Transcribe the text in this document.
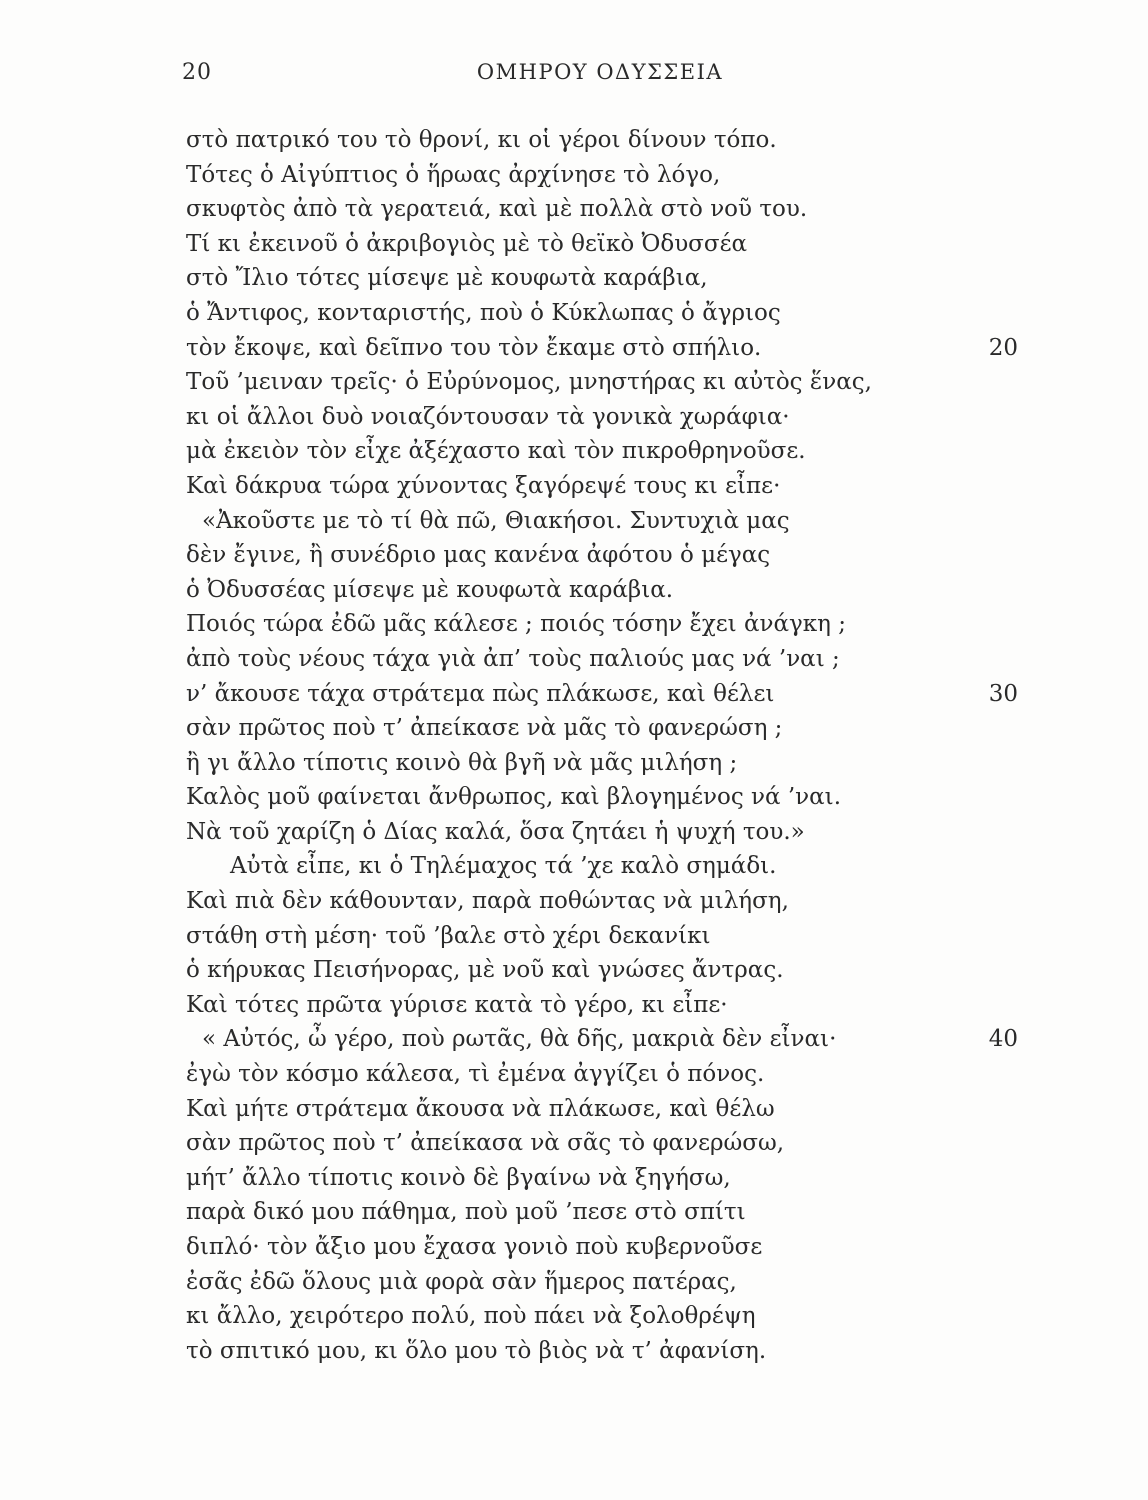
20	ΟΜΗΡΟΥ ΟΔΥΣΣΕΙΑ
στὸ πατρικό του τὸ θρονί, κι οἱ γέροι δίνουν τόπο.
Τότες ὁ Αἰγύπτιος ὁ ἥρωας ἀρχίνησε τὸ λόγο,
σκυφτὸς ἀπὸ τὰ γερατειά, καὶ μὲ πολλὰ στὸ νοῦ του.
Τί κι ἐκεινοῦ ὁ ἀκριβογιὸς μὲ τὸ θεϊκὸ Ὀδυσσέα
στὸ Ἴλιο τότες μίσεψε μὲ κουφωτὰ καράβια,
ὁ Ἄντιφος, κονταριστής, ποὺ ὁ Κύκλωπας ὁ ἄγριος
τὸν ἔκοψε, καὶ δεῖπνο του τὸν ἔκαμε στὸ σπήλιο.	20
Τοῦ ’μειναν τρεῖς· ὁ Εὐρύνομος, μνηστήρας κι αὐτὸς ἕνας,
κι οἱ ἄλλοι δυὸ νοιαζόντουσαν τὰ γονικὰ χωράφια·
μὰ ἐκειὸν τὸν εἶχε ἀξέχαστο καὶ τὸν πικροθρηνοῦσε.
Καὶ δάκρυα τώρα χύνοντας ξαγόρεψέ τους κι εἶπε·
«Ἀκοῦστε με τὸ τί θὰ πῶ, Θιακήσοι. Συντυχιὰ μας
δὲν ἔγινε, ἢ συνέδριο μας κανένα ἀφότου ὁ μέγας
ὁ Ὀδυσσέας μίσεψε μὲ κουφωτὰ καράβια.
Ποιός τώρα ἐδῶ μᾶς κάλεσε ; ποιός τόσην ἔχει ἀνάγκη ;
ἀπὸ τοὺς νέους τάχα γιὰ ἀπ’ τοὺς παλιούς μας νά ’ναι ;
ν’ ἄκουσε τάχα στράτεμα πὼς πλάκωσε, καὶ θέλει	30
σὰν πρῶτος ποὺ τ’ ἀπείκασε νὰ μᾶς τὸ φανερώση ;
ἢ γι ἄλλο τίποτις κοινὸ θὰ βγῆ νὰ μᾶς μιλήση ;
Καλὸς μοῦ φαίνεται ἄνθρωπος, καὶ βλογημένος νά ’ναι.
Νὰ τοῦ χαρίζη ὁ Δίας καλά, ὅσα ζητάει ἡ ψυχή του.»
Αὐτὰ εἶπε, κι ὁ Τηλέμαχος τά ’χε καλὸ σημάδι.
Καὶ πιὰ δὲν κάθουνταν, παρὰ ποθώντας νὰ μιλήση,
στάθη στὴ μέση· τοῦ ’βαλε στὸ χέρι δεκανίκι
ὁ κήρυκας Πεισήνορας, μὲ νοῦ καὶ γνώσες ἄντρας.
Καὶ τότες πρῶτα γύρισε κατὰ τὸ γέρο, κι εἶπε·
« Αὐτός, ὦ γέρο, ποὺ ρωτᾶς, θὰ δῆς, μακριὰ δὲν εἶναι·	40
ἐγὼ τὸν κόσμο κάλεσα, τὶ ἐμένα ἀγγίζει ὁ πόνος.
Καὶ μήτε στράτεμα ἄκουσα νὰ πλάκωσε, καὶ θέλω
σὰν πρῶτος ποὺ τ’ ἀπείκασα νὰ σᾶς τὸ φανερώσω,
μήτ’ ἄλλο τίποτις κοινὸ δὲ βγαίνω νὰ ξηγήσω,
παρὰ δικό μου πάθημα, ποὺ μοῦ ’πεσε στὸ σπίτι
διπλό· τὸν ἄξιο μου ἔχασα γονιὸ ποὺ κυβερνοῦσε
ἐσᾶς ἐδῶ ὅλους μιὰ φορὰ σὰν ἥμερος πατέρας,
κι ἄλλο, χειρότερο πολύ, ποὺ πάει νὰ ξολοθρέψη
τὸ σπιτικό μου, κι ὅλο μου τὸ βιὸς νὰ τ’ ἀφανίση.
